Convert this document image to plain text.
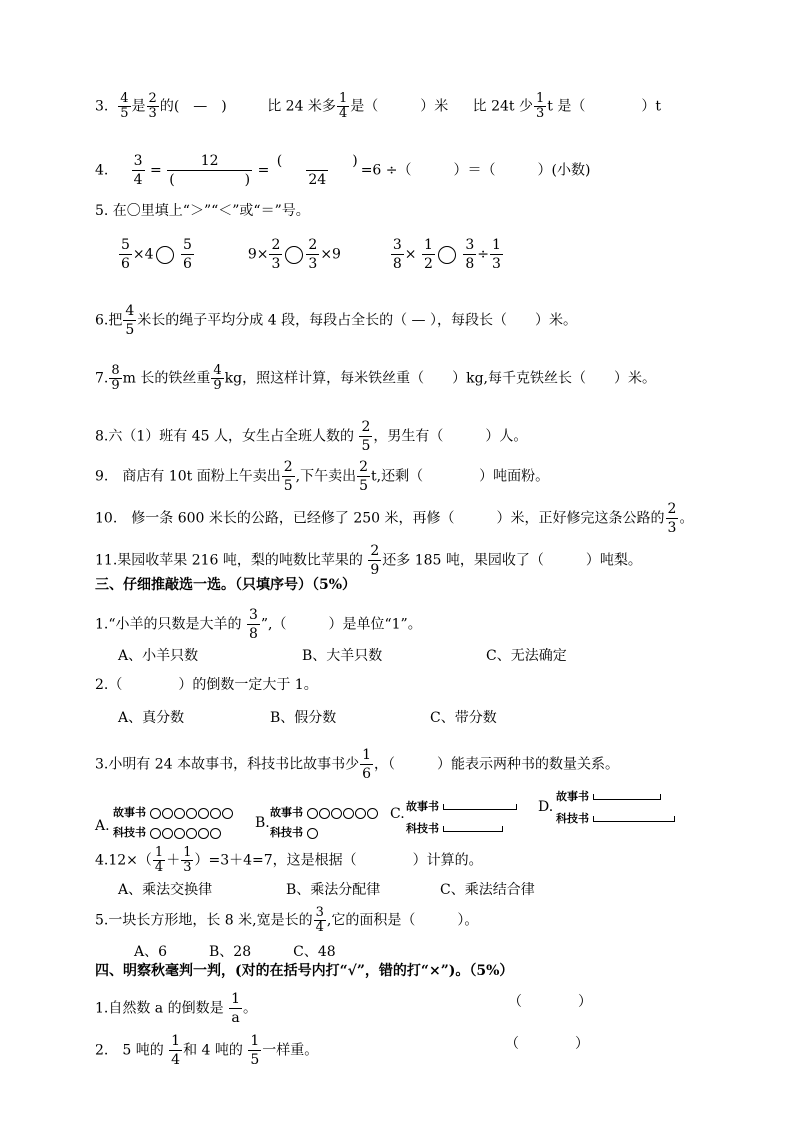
3. $\frac{4}{5}$ 是 $\frac{2}{3}$ 的(　—　)	比 24 米多 $\frac{1}{4}$ 是（　　　）米 比 24t 少 $\frac{1}{3}$ t 是（　　　　）t
4. $\frac{3}{4}$ =
12
(　　　　　)
=
(　　　　　)
24
=6 ÷（　　　）＝（　　　）(小数)
5. 在〇里填上“＞”“＜”或“＝”号。
$\frac{5}{6} \times 4 \frac{5}{6}$	$9\times \frac{2}{3} \frac{2}{3} \times 9$	$\frac{3}{8} \times \frac{1}{2}$
$\frac{3}{8} \div \frac{1}{3}$
6.把 $\frac{4}{5}$ 米长的绳子平均分成 4 段，每段占全长的（ — ），每段长（　　）米。
7. $\frac{8}{9}$ m 长的铁丝重 $\frac{4}{9}$ kg，照这样计算，每米铁丝重（　　）kg,每千克铁丝长（　　）米。
8.六（1）班有 45 人，女生占全班人数的 $\frac{2}{5}$ ，男生有（　　　）人。
9.　商店有 10t 面粉上午卖出 $\frac{2}{5}$ ,下午卖出 $\frac{2}{5} t$,还剩（　　　　）吨面粉。
10.　修一条 600 米长的公路，已经修了 250 米，再修（　　　）米，正好修完这条公路的 $\frac{2}{3}$ 。
11.果园收苹果 216 吨，梨的吨数比苹果的 $\frac{2}{9}$ 还多 185 吨，果园收了（　　　）吨梨。
三、仔细推敲选一选。（只填序号）（5%）
1.“小羊的只数是大羊的 $\frac{3}{8}$ ”,（　　　）是单位“1”。
A、小羊只数	B、大羊只数	C、无法确定
2.（　　　　）的倒数一定大于 1。
A、真分数	B、假分数	C、带分数
3.小明有 24 本故事书，科技书比故事书少 $\frac{1}{6}$ ，（　　　）能表示两种书的数量关系。
A.
故事书
科技书
B.
故事书
科技书
C. 故事书
科技书
D.
故事书
科技书
$4.12\times( \frac{1}{4} + \frac{1}{3} )=3+4=7$，这是根据（　　　　）计算的。
A、乘法交换律	B、乘法分配律	C、乘法结合律
5.一块长方形地，长 8 米,宽是长的 $\frac{3}{4}$ ,它的面积是（　　　）。
A、6　　　B、28　　　C、48
四、明察秋毫判一判，(对的在括号内打“√”，错的打“×”)。（5%）
1.自然数 a 的倒数是 $\frac{1}{a}$ 。	（　　　　）
2.　5 吨的 $\frac{1}{4}$ 和 4 吨的 $\frac{1}{5}$ 一样重。	（　　　　）
